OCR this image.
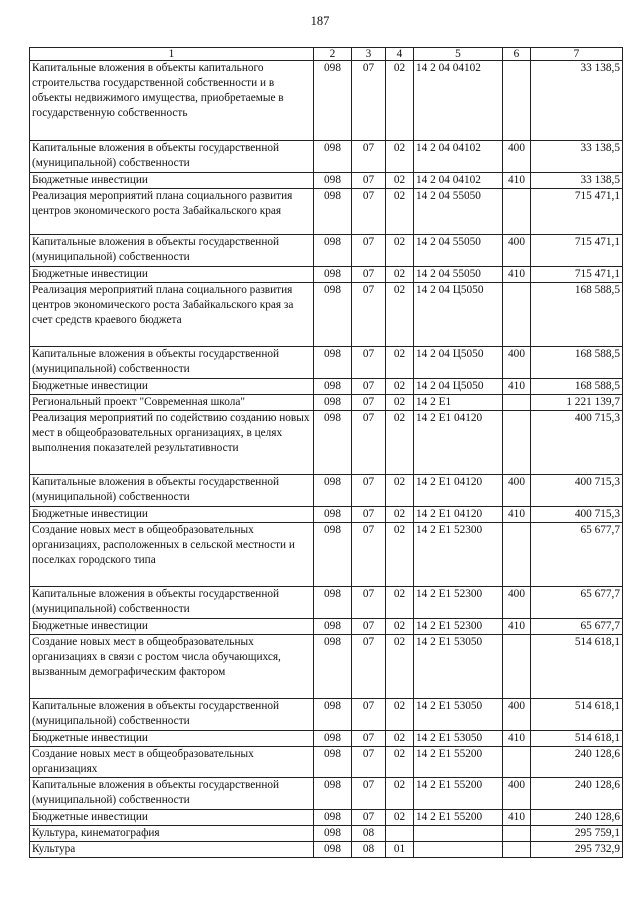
187
1	2	3	4	5	6	7
Капитальные вложения в объекты капитального строительства государственной собственности и в объекты недвижимого имущества, приобретаемые в государственную собственность	098	07	02	14 2 04 04102		33 138,5
Капитальные вложения в объекты государственной (муниципальной) собственности	098	07	02	14 2 04 04102	400	33 138,5
Бюджетные инвестиции	098	07	02	14 2 04 04102	410	33 138,5
Реализация мероприятий плана социального развития центров экономического роста Забайкальского края	098	07	02	14 2 04 55050		715 471,1
Капитальные вложения в объекты государственной (муниципальной) собственности	098	07	02	14 2 04 55050	400	715 471,1
Бюджетные инвестиции	098	07	02	14 2 04 55050	410	715 471,1
Реализация мероприятий плана социального развития центров экономического роста Забайкальского края за счет средств краевого бюджета	098	07	02	14 2 04 Ц5050		168 588,5
Капитальные вложения в объекты государственной (муниципальной) собственности	098	07	02	14 2 04 Ц5050	400	168 588,5
Бюджетные инвестиции	098	07	02	14 2 04 Ц5050	410	168 588,5
Региональный проект "Современная школа"	098	07	02	14 2 E1		1 221 139,7
Реализация мероприятий по содействию созданию новых мест в общеобразовательных организациях, в целях выполнения показателей результативности	098	07	02	14 2 E1 04120		400 715,3
Капитальные вложения в объекты государственной (муниципальной) собственности	098	07	02	14 2 E1 04120	400	400 715,3
Бюджетные инвестиции	098	07	02	14 2 E1 04120	410	400 715,3
Создание новых мест в общеобразовательных организациях, расположенных в сельской местности и поселках городского типа	098	07	02	14 2 E1 52300		65 677,7
Капитальные вложения в объекты государственной (муниципальной) собственности	098	07	02	14 2 E1 52300	400	65 677,7
Бюджетные инвестиции	098	07	02	14 2 E1 52300	410	65 677,7
Создание новых мест в общеобразовательных организациях в связи с ростом числа обучающихся, вызванным демографическим фактором	098	07	02	14 2 E1 53050		514 618,1
Капитальные вложения в объекты государственной (муниципальной) собственности	098	07	02	14 2 E1 53050	400	514 618,1
Бюджетные инвестиции	098	07	02	14 2 E1 53050	410	514 618,1
Создание новых мест в общеобразовательных организациях	098	07	02	14 2 E1 55200		240 128,6
Капитальные вложения в объекты государственной (муниципальной) собственности	098	07	02	14 2 E1 55200	400	240 128,6
Бюджетные инвестиции	098	07	02	14 2 E1 55200	410	240 128,6
Культура, кинематография	098	08				295 759,1
Культура	098	08	01			295 732,9
